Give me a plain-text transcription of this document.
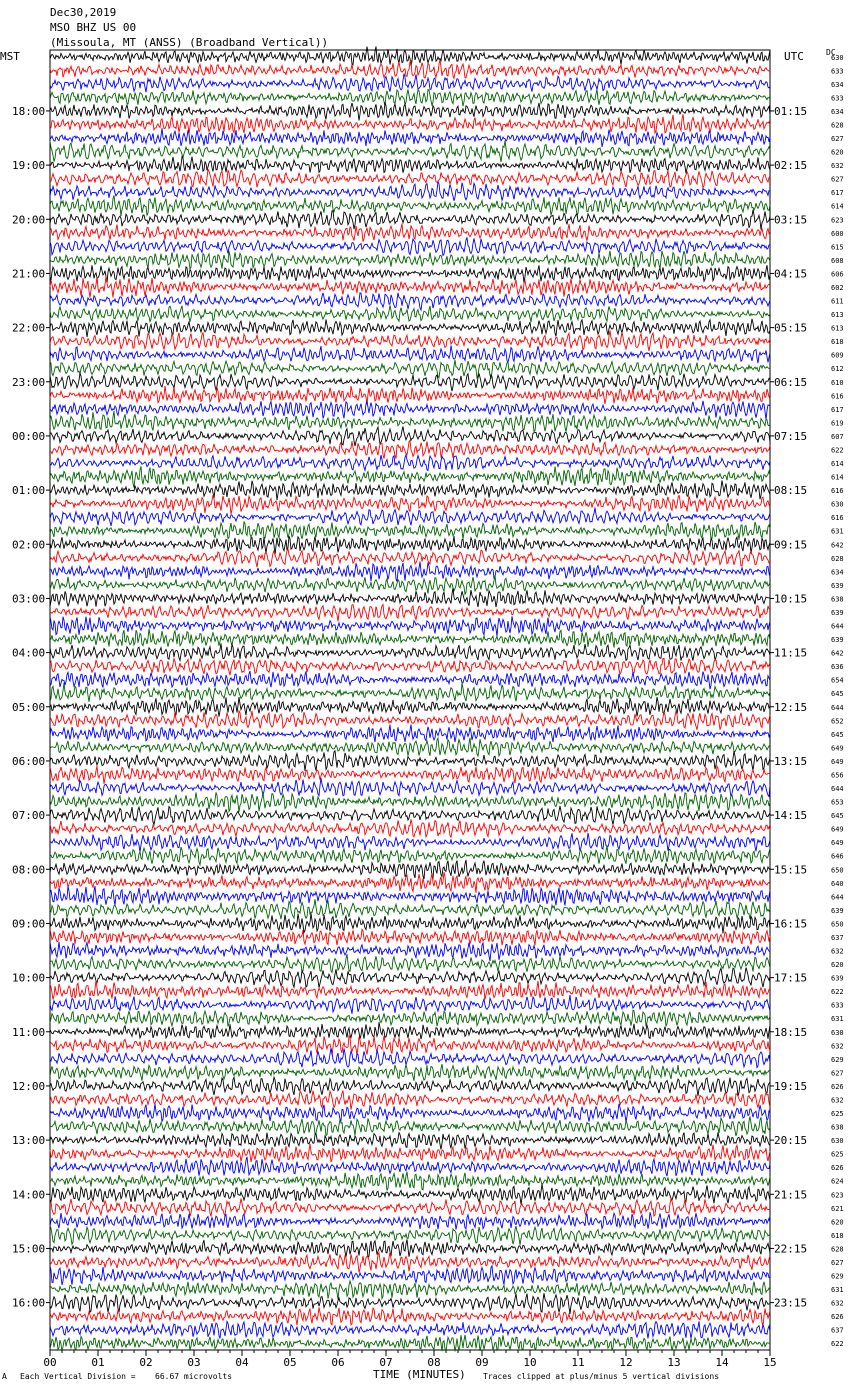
Dec30,2019
MSO BHZ US 00
(Missoula, MT (ANSS) (Broadband Vertical))
MST	UTC	DC
630
633
634
633
634
628
627
620
632
627
617
614
623
600
615
608
606
602
611
613
613
618
609
612
610
616
617
619
607
622
614
614
616
630
616
631
642
628
634
639
638
639
644
639
642
636
654
645
644
652
645
649
649
656
644
653
645
649
649
646
650
640
644
639
650
637
632
620
639
622
633
631
630
632
629
627
626
632
625
638
630
625
626
624
623
621
620
618
628
627
629
631
632
626
637
622
18:00
19:00
20:00
21:00
22:00
23:00
00:00
01:00
02:00
03:00
04:00
05:00
06:00
07:00
08:00
09:00
10:00
11:00
12:00
13:00
14:00
15:00
16:00
01:15
02:15
03:15
04:15
05:15
06:15
07:15
08:15
09:15
10:15
11:15
12:15
13:15
14:15
15:15
16:15
17:15
18:15
19:15
20:15
21:15
22:15
23:15
00	01	02	03	04	05	06	07	08	09	10	11	12	13	14	15
A Each Vertical Division = 66.67 microvolts	TIME (MINUTES) Traces clipped at plus/minus 5 vertical divisions
